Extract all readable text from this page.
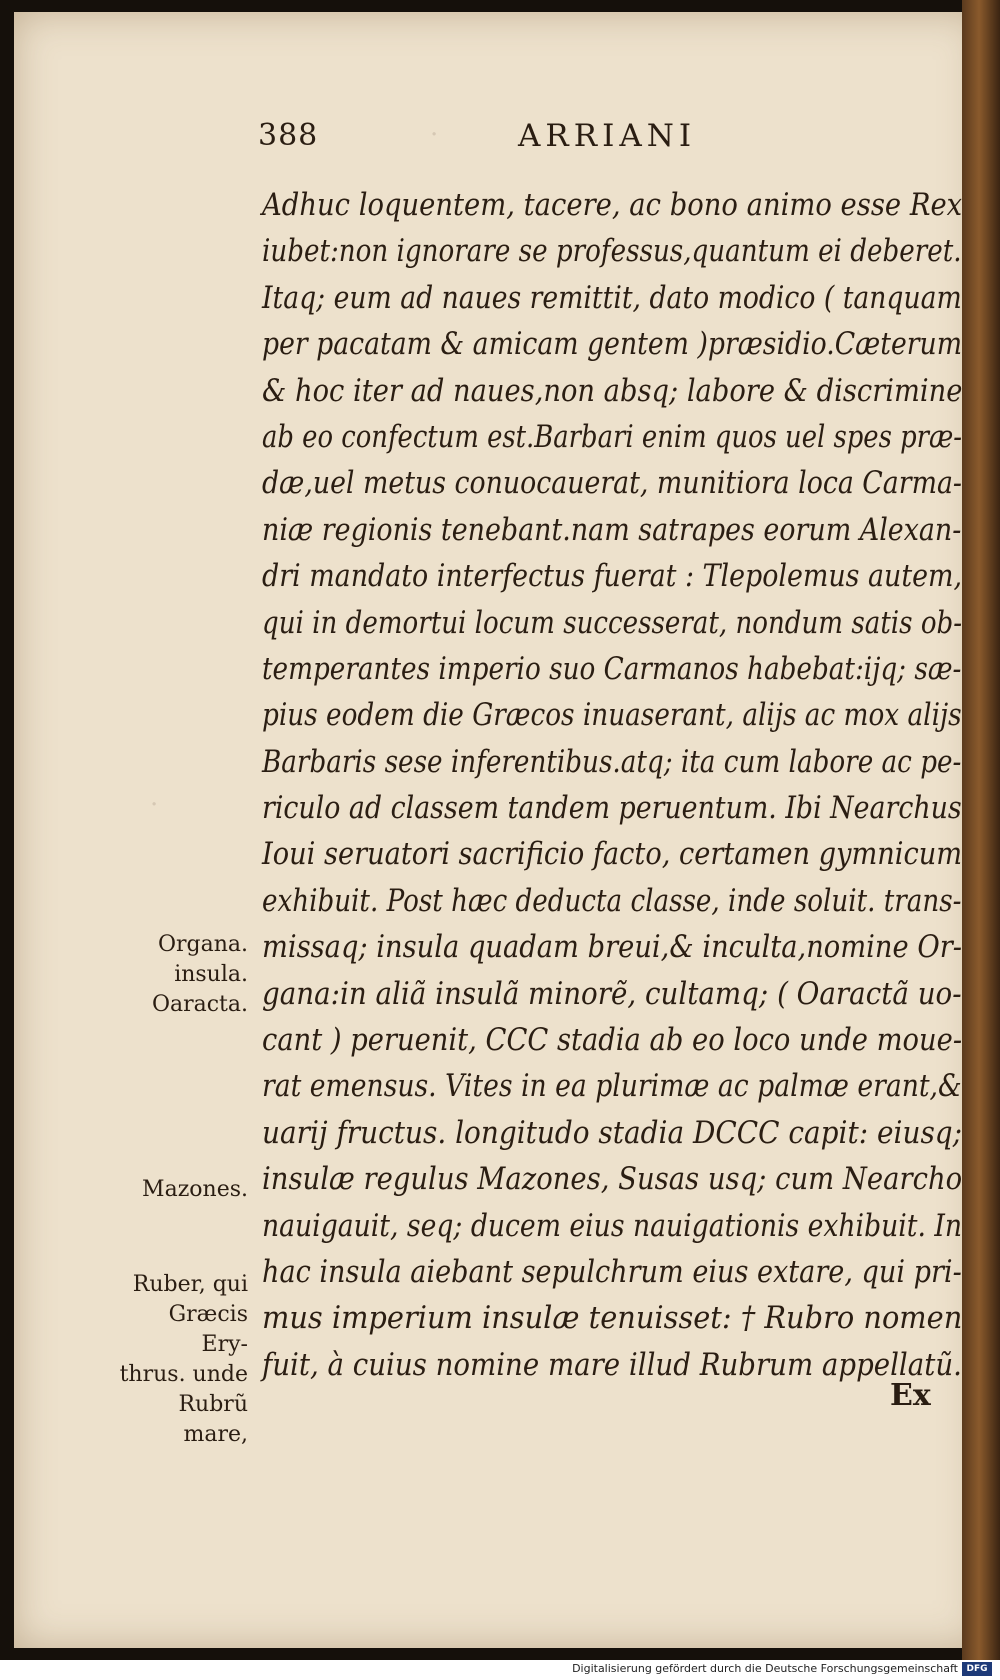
·
·
388	ARRIANI
Organa.
insula.
Oaracta.
Mazones.
Ruber, qui
Græcis Ery-
thrus. unde
Rubrũ mare,
Adhuc loquentem, tacere, ac bono animo esse Rex
iubet:non ignorare se professus,quantum ei deberet.
Itaq; eum ad naues remittit, dato modico ( tanquam
per pacatam & amicam gentem )præsidio.Cæterum
& hoc iter ad naues,non absq; labore & discrimine
ab eo confectum est.Barbari enim quos uel spes præ-
dæ,uel metus conuocauerat, munitiora loca Carma-
niæ regionis tenebant.nam satrapes eorum Alexan-
dri mandato interfectus fuerat : Tlepolemus autem,
qui in demortui locum successerat, nondum satis ob-
temperantes imperio suo Carmanos habebat:ijq; sæ-
pius eodem die Græcos inuaserant, alijs ac mox alijs
Barbaris sese inferentibus.atq; ita cum labore ac pe-
riculo ad classem tandem peruentum. Ibi Nearchus
Ioui seruatori sacrificio facto, certamen gymnicum
exhibuit. Post hæc deducta classe, inde soluit. trans-
missaq; insula quadam breui,& inculta,nomine Or-
gana:in aliã insulã minorẽ, cultamq; ( Oaractã uo-
cant ) peruenit, CCC stadia ab eo loco unde moue-
rat emensus. Vites in ea plurimæ ac palmæ erant,&
uarij fructus. longitudo stadia DCCC capit: eiusq;
insulæ regulus Mazones, Susas usq; cum Nearcho
nauigauit, seq; ducem eius nauigationis exhibuit. In
hac insula aiebant sepulchrum eius extare, qui pri-
mus imperium insulæ tenuisset: † Rubro nomen
fuit, à cuius nomine mare illud Rubrum appellatũ.
Ex
Digitalisierung gefördert durch die Deutsche Forschungsgemeinschaft DFG
